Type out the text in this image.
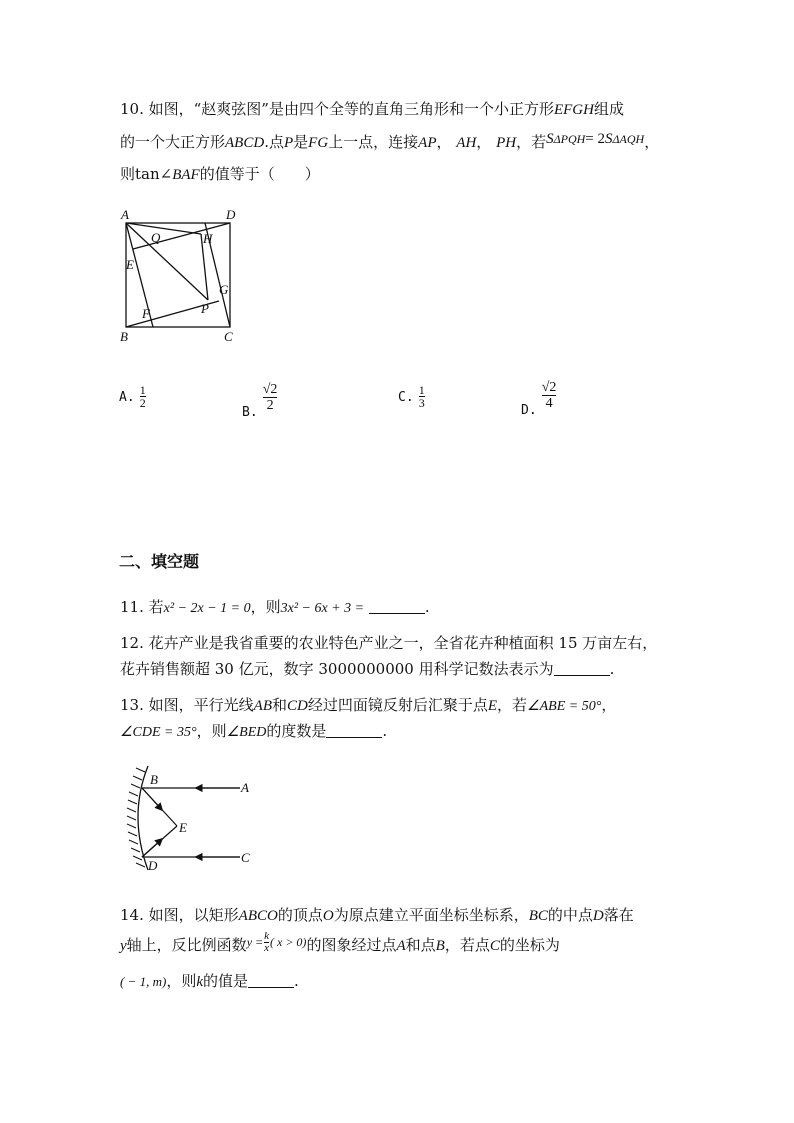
10. 如图，“赵爽弦图”是由四个全等的直角三角形和一个小正方形EFGH组成
的一个大正方形ABCD.点P是FG上一点，连接AP， AH， PH，若SΔPQH= 2SΔAQH，
则tan∠BAF的值等于（　　）
A	D
Q	H
E
G
F	P
B	C
A. $\frac{1}{2}$
$_{B.} \frac{√2}{2}$	C. $\frac{1}{3}$
$_{D.} \frac{√2}{4}$
二、填空题
11. 若x² − 2x − 1 = 0，则3x² − 6x + 3 =	.
12. 花卉产业是我省重要的农业特色产业之一，全省花卉种植面积 15 万亩左右，
花卉销售额超 30 亿元，数字 3000000000 用科学记数法表示为	.
13. 如图，平行光线AB和CD经过凹面镜反射后汇聚于点E，若∠ABE = 50°，
∠CDE = 35°，则∠BED的度数是	.
B
A
E
D
C
14. 如图，以矩形ABCO的顶点O为原点建立平面坐标坐标系，BC的中点D落在
y轴上，反比例函数 $y = \frac{k}{x}$ ( x > 0) 的图象经过点A和点B，若点C的坐标为
( − 1, m)，则k的值是	.
